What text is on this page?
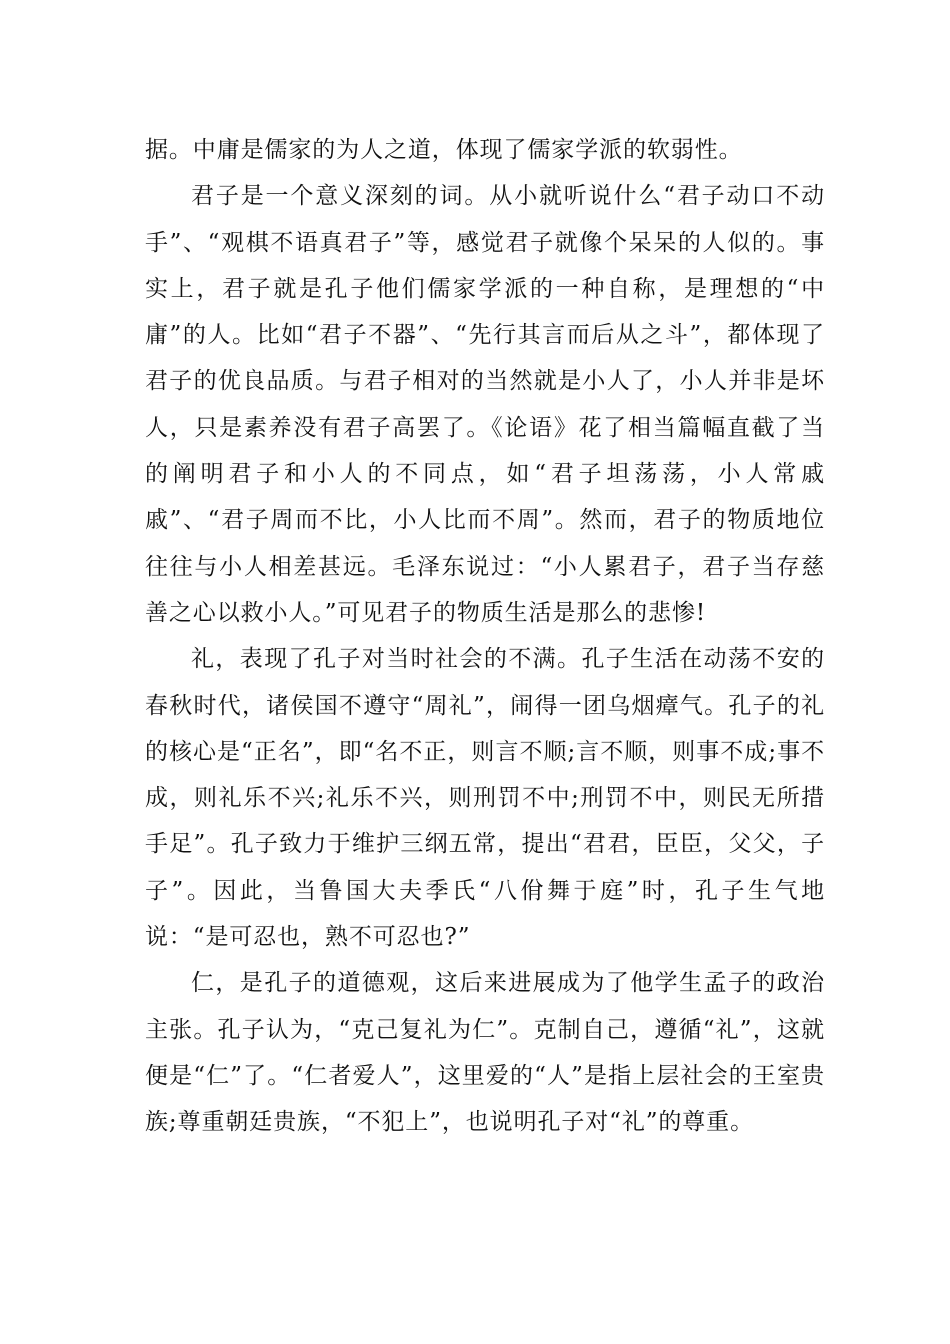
据。中庸是儒家的为人之道，体现了儒家学派的软弱性。

君子是一个意义深刻的词。从小就听说什么“君子动口不动手”、“观棋不语真君子”等，感觉君子就像个呆呆的人似的。事实上，君子就是孔子他们儒家学派的一种自称，是理想的“中庸”的人。比如“君子不器”、“先行其言而后从之斗”，都体现了君子的优良品质。与君子相对的当然就是小人了，小人并非是坏人，只是素养没有君子高罢了。《论语》花了相当篇幅直截了当的阐明君子和小人的不同点，如“君子坦荡荡，小人常戚戚”、“君子周而不比，小人比而不周”。然而，君子的物质地位往往与小人相差甚远。毛泽东说过：“小人累君子，君子当存慈善之心以救小人。”可见君子的物质生活是那么的悲惨!

礼，表现了孔子对当时社会的不满。孔子生活在动荡不安的春秋时代，诸侯国不遵守“周礼”，闹得一团乌烟瘴气。孔子的礼的核心是“正名”，即“名不正，则言不顺;言不顺，则事不成;事不成，则礼乐不兴;礼乐不兴，则刑罚不中;刑罚不中，则民无所措手足”。孔子致力于维护三纲五常，提出“君君，臣臣，父父，子子”。因此，当鲁国大夫季氏“八佾舞于庭”时，孔子生气地说：“是可忍也，熟不可忍也?”

仁，是孔子的道德观，这后来进展成为了他学生孟子的政治主张。孔子认为，“克己复礼为仁”。克制自己，遵循“礼”，这就便是“仁”了。“仁者爱人”，这里爱的“人”是指上层社会的王室贵族;尊重朝廷贵族，“不犯上”，也说明孔子对“礼”的尊重。
